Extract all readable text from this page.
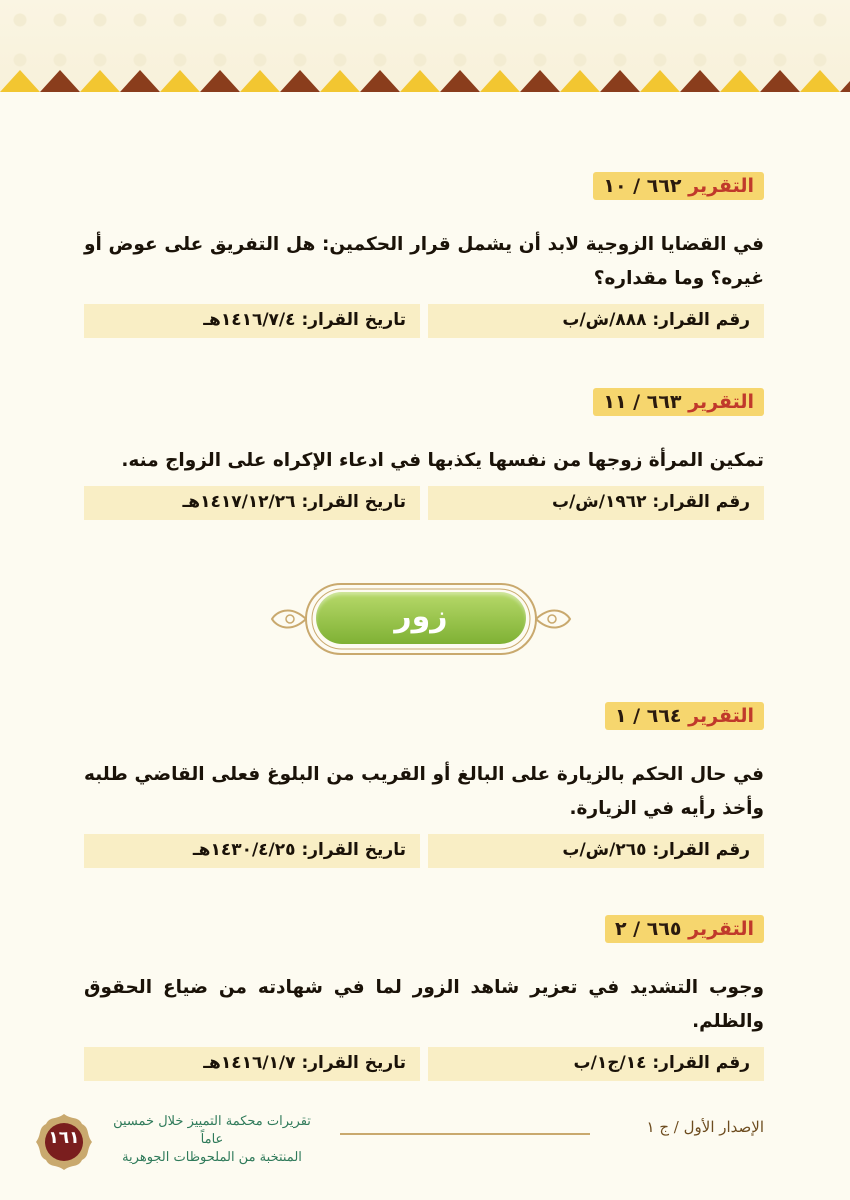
التقرير ٦٦٢ / ١٠
في القضايا الزوجية لابد أن يشمل قرار الحكمين: هل التفريق على عوض أو غيره؟ وما مقداره؟
رقم القرار: ٨٨٨/ش/ب
تاريخ القرار: ١٤١٦/٧/٤هـ
التقرير ٦٦٣ / ١١
تمكين المرأة زوجها من نفسها يكذبها في ادعاء الإكراه على الزواج منه.
رقم القرار: ١٩٦٢/ش/ب
تاريخ القرار: ١٤١٧/١٢/٢٦هـ
زور
التقرير ٦٦٤ / ١
في حال الحكم بالزيارة على البالغ أو القريب من البلوغ فعلى القاضي طلبه وأخذ رأيه في الزيارة.
رقم القرار: ٢٦٥/ش/ب
تاريخ القرار: ١٤٣٠/٤/٢٥هـ
التقرير ٦٦٥ / ٢
وجوب التشديد في تعزير شاهد الزور لما في شهادته من ضياع الحقوق والظلم.
رقم القرار: ١٤/ج١/ب
تاريخ القرار: ١٤١٦/١/٧هـ
الإصدار الأول / ج ١
تقريرات محكمة التمييز خلال خمسين عاماً
المنتخبة من الملحوظات الجوهرية
١٦١
